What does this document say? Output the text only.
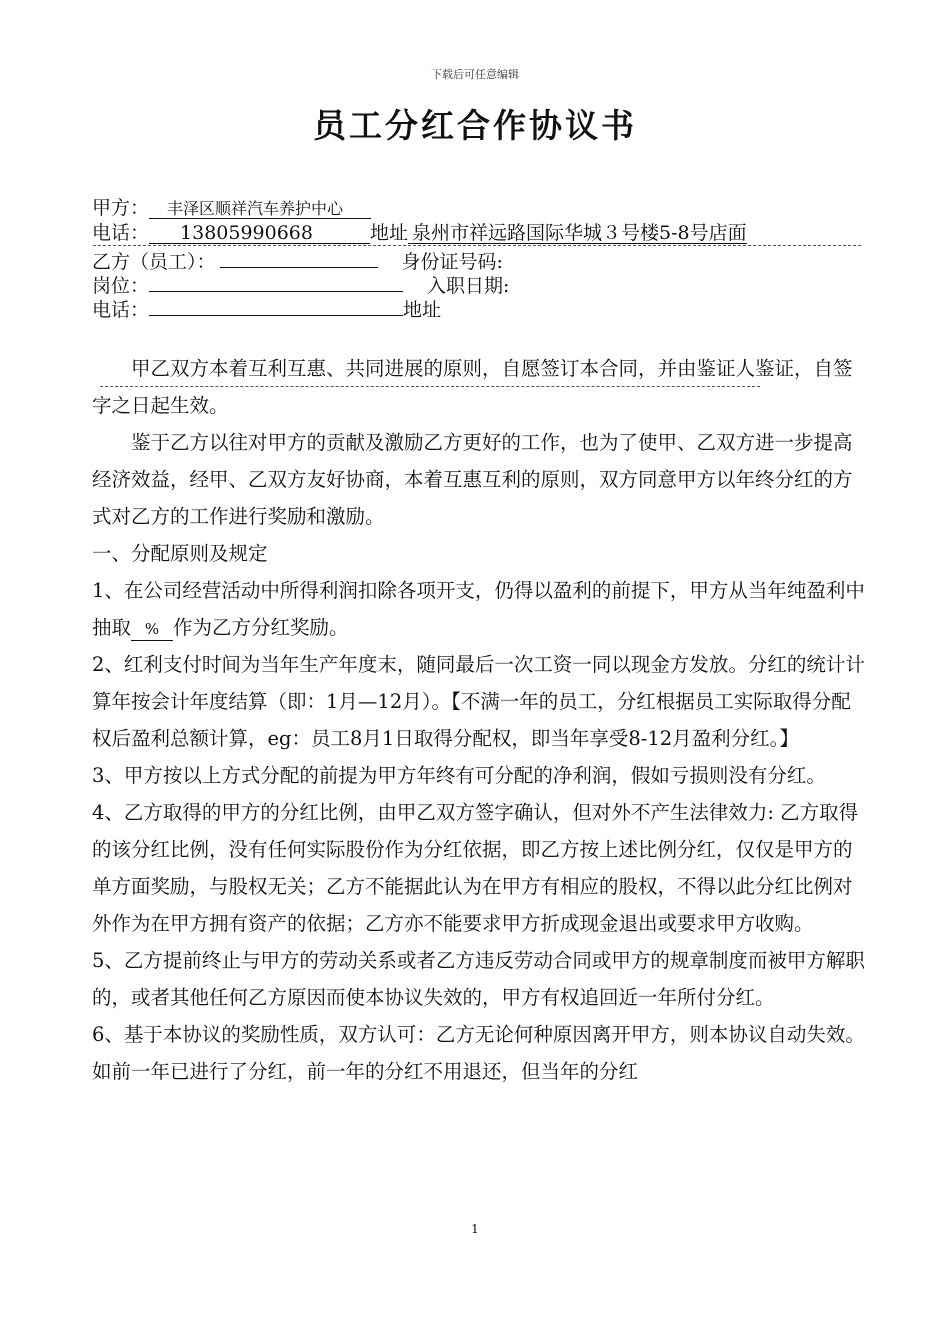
下载后可任意编辑
员工分红合作协议书
甲方： 丰泽区顺祥汽车养护中心
电话： 13805990668	地址 泉州市祥远路国际华城３号楼5-8号店面
乙方（员工）：	身份证号码:
岗位：	入职日期:
电话：	地址

甲乙双方本着互利互惠、共同进展的原则，自愿签订本合同，并由鉴证人鉴证，自签字之日起生效。

鉴于乙方以往对甲方的贡献及激励乙方更好的工作，也为了使甲、乙双方进一步提高经济效益，经甲、乙双方友好协商，本着互惠互利的原则，双方同意甲方以年终分红的方式对乙方的工作进行奖励和激励。

一、分配原则及规定

1、在公司经营活动中所得利润扣除各项开支，仍得以盈利的前提下，甲方从当年纯盈利中抽取 % 作为乙方分红奖励。

2、红利支付时间为当年生产年度末，随同最后一次工资一同以现金方发放。分红的统计计算年按会计年度结算（即：1月—12月）。【不满一年的员工，分红根据员工实际取得分配权后盈利总额计算，eg：员工8月1日取得分配权，即当年享受8-12月盈利分红。】

3、甲方按以上方式分配的前提为甲方年终有可分配的净利润，假如亏损则没有分红。

4、乙方取得的甲方的分红比例，由甲乙双方签字确认，但对外不产生法律效力: 乙方取得的该分红比例，没有任何实际股份作为分红依据，即乙方按上述比例分红，仅仅是甲方的单方面奖励，与股权无关；乙方不能据此认为在甲方有相应的股权，不得以此分红比例对外作为在甲方拥有资产的依据；乙方亦不能要求甲方折成现金退出或要求甲方收购。

5、乙方提前终止与甲方的劳动关系或者乙方违反劳动合同或甲方的规章制度而被甲方解职的，或者其他任何乙方原因而使本协议失效的，甲方有权追回近一年所付分红。

6、基于本协议的奖励性质，双方认可：乙方无论何种原因离开甲方，则本协议自动失效。如前一年已进行了分红，前一年的分红不用退还，但当年的分红

1
